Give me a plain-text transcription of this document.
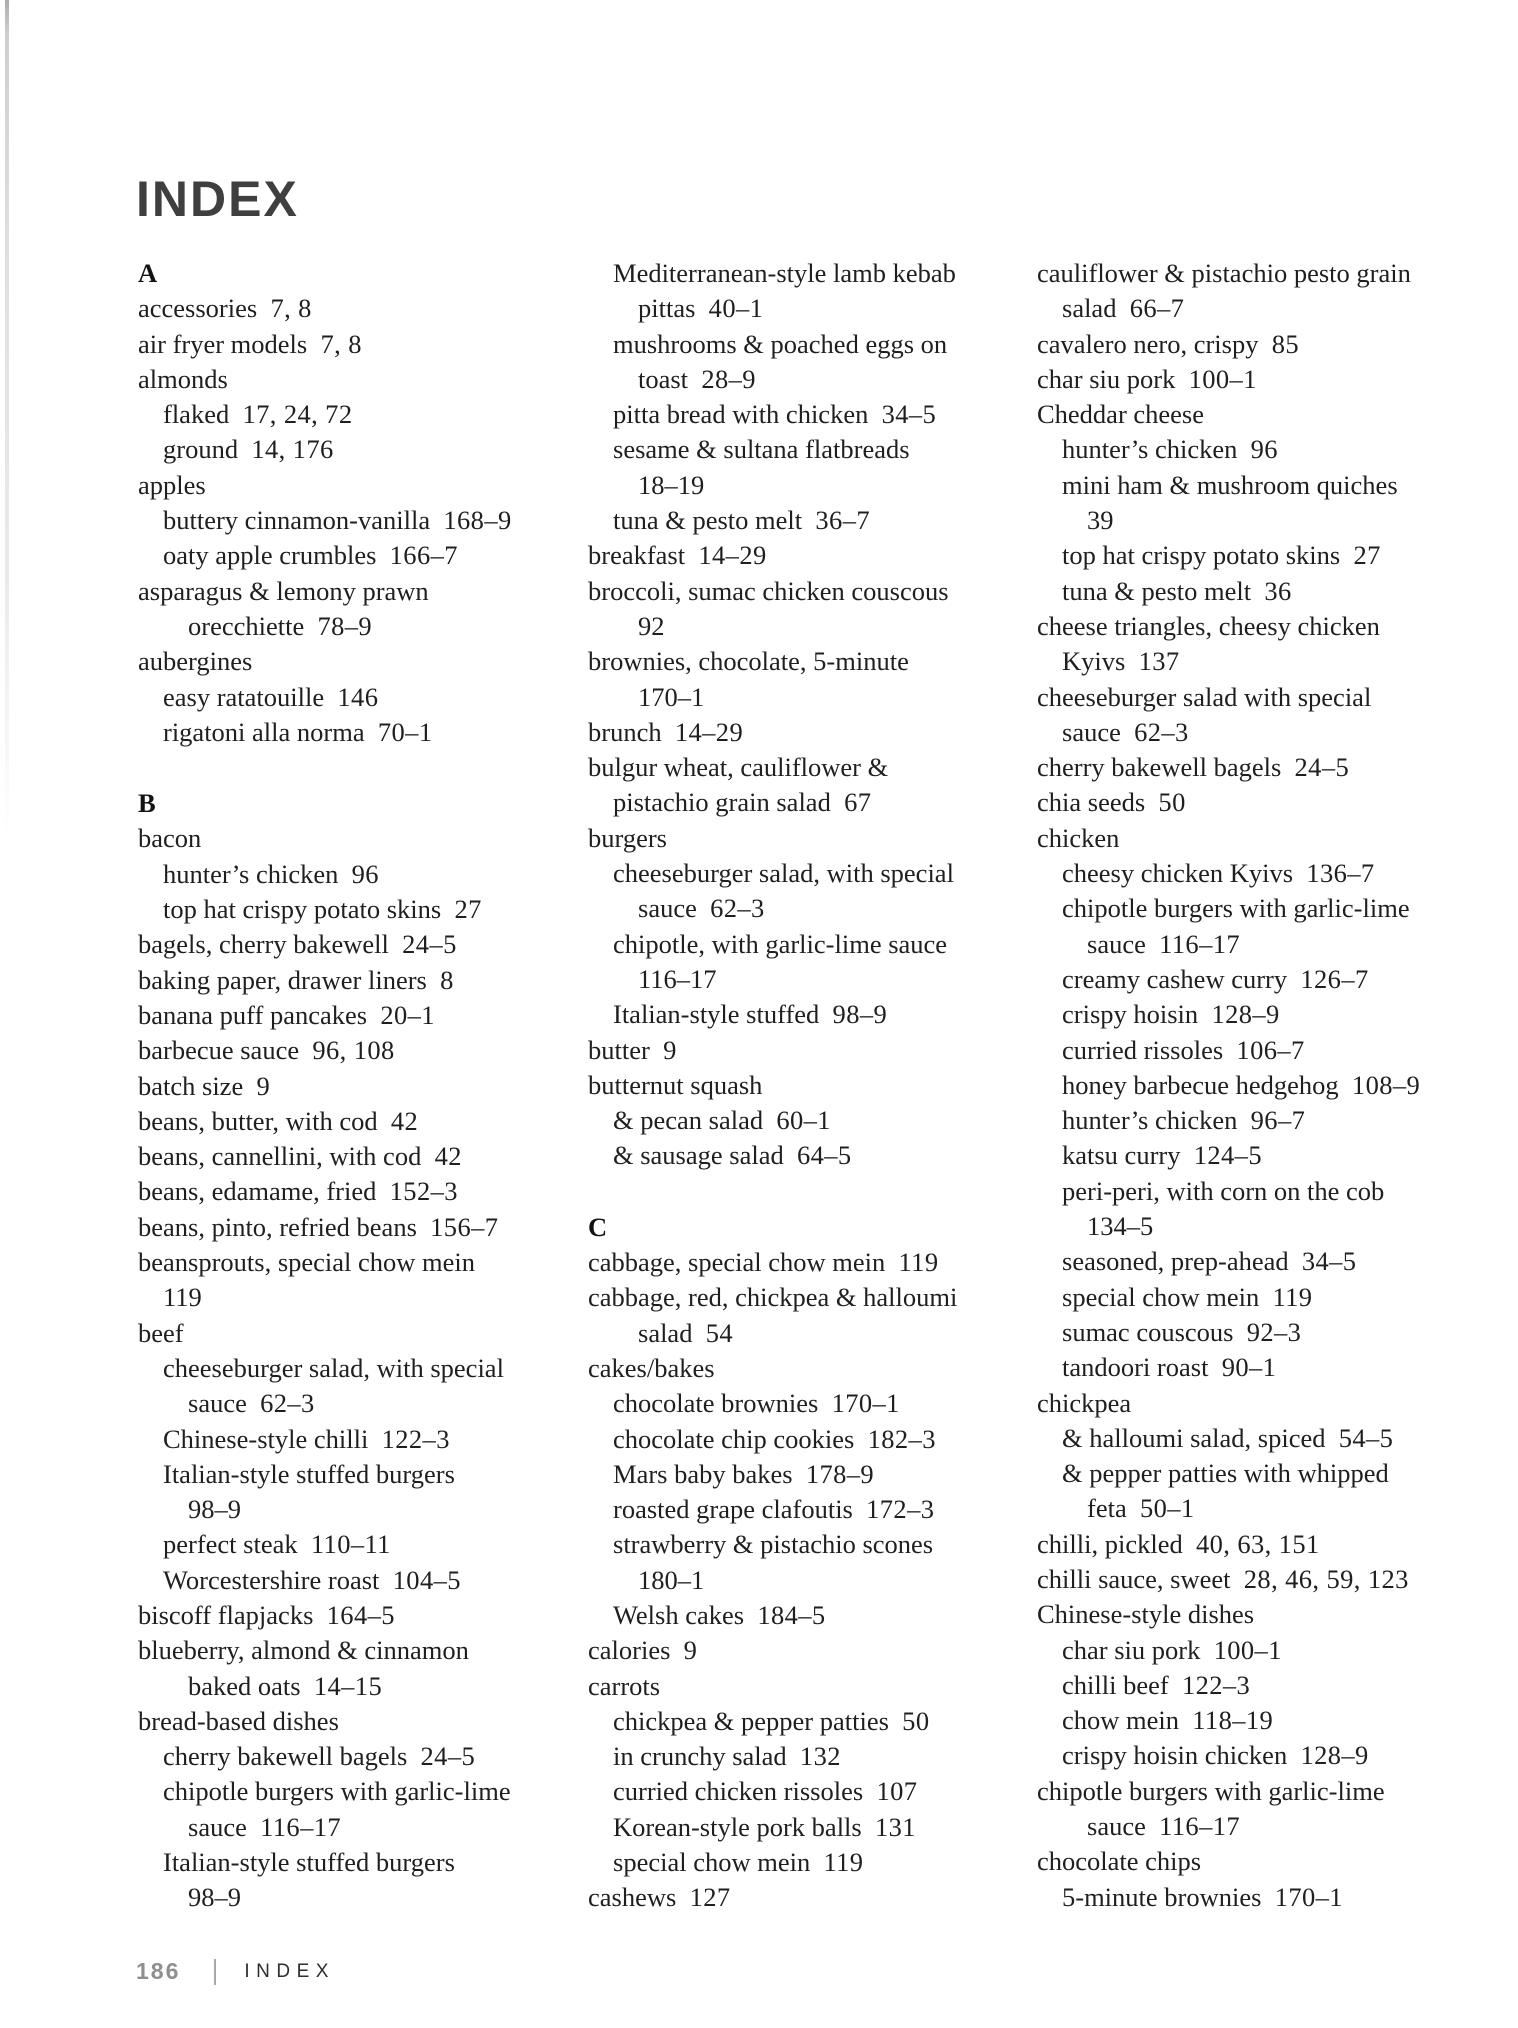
INDEX
A
accessories 7, 8
air fryer models 7, 8
almonds
flaked 17, 24, 72
ground 14, 176
apples
buttery cinnamon-vanilla 168–9
oaty apple crumbles 166–7
asparagus & lemony prawn
orecchiette 78–9
aubergines
easy ratatouille 146
rigatoni alla norma 70–1
B
bacon
hunter’s chicken 96
top hat crispy potato skins 27
bagels, cherry bakewell 24–5
baking paper, drawer liners 8
banana puff pancakes 20–1
barbecue sauce 96, 108
batch size 9
beans, butter, with cod 42
beans, cannellini, with cod 42
beans, edamame, fried 152–3
beans, pinto, refried beans 156–7
beansprouts, special chow mein
119
beef
cheeseburger salad, with special
sauce 62–3
Chinese-style chilli 122–3
Italian-style stuffed burgers
98–9
perfect steak 110–11
Worcestershire roast 104–5
biscoff flapjacks 164–5
blueberry, almond & cinnamon
baked oats 14–15
bread-based dishes
cherry bakewell bagels 24–5
chipotle burgers with garlic-lime
sauce 116–17
Italian-style stuffed burgers
98–9
Mediterranean-style lamb kebab
pittas 40–1
mushrooms & poached eggs on
toast 28–9
pitta bread with chicken 34–5
sesame & sultana flatbreads
18–19
tuna & pesto melt 36–7
breakfast 14–29
broccoli, sumac chicken couscous
92
brownies, chocolate, 5-minute
170–1
brunch 14–29
bulgur wheat, cauliflower &
pistachio grain salad 67
burgers
cheeseburger salad, with special
sauce 62–3
chipotle, with garlic-lime sauce
116–17
Italian-style stuffed 98–9
butter 9
butternut squash
& pecan salad 60–1
& sausage salad 64–5
C
cabbage, special chow mein 119
cabbage, red, chickpea & halloumi
salad 54
cakes/bakes
chocolate brownies 170–1
chocolate chip cookies 182–3
Mars baby bakes 178–9
roasted grape clafoutis 172–3
strawberry & pistachio scones
180–1
Welsh cakes 184–5
calories 9
carrots
chickpea & pepper patties 50
in crunchy salad 132
curried chicken rissoles 107
Korean-style pork balls 131
special chow mein 119
cashews 127
cauliflower & pistachio pesto grain
salad 66–7
cavalero nero, crispy 85
char siu pork 100–1
Cheddar cheese
hunter’s chicken 96
mini ham & mushroom quiches
39
top hat crispy potato skins 27
tuna & pesto melt 36
cheese triangles, cheesy chicken
Kyivs 137
cheeseburger salad with special
sauce 62–3
cherry bakewell bagels 24–5
chia seeds 50
chicken
cheesy chicken Kyivs 136–7
chipotle burgers with garlic-lime
sauce 116–17
creamy cashew curry 126–7
crispy hoisin 128–9
curried rissoles 106–7
honey barbecue hedgehog 108–9
hunter’s chicken 96–7
katsu curry 124–5
peri-peri, with corn on the cob
134–5
seasoned, prep-ahead 34–5
special chow mein 119
sumac couscous 92–3
tandoori roast 90–1
chickpea
& halloumi salad, spiced 54–5
& pepper patties with whipped
feta 50–1
chilli, pickled 40, 63, 151
chilli sauce, sweet 28, 46, 59, 123
Chinese-style dishes
char siu pork 100–1
chilli beef 122–3
chow mein 118–19
crispy hoisin chicken 128–9
chipotle burgers with garlic-lime
sauce 116–17
chocolate chips
5-minute brownies 170–1
186	INDEX
